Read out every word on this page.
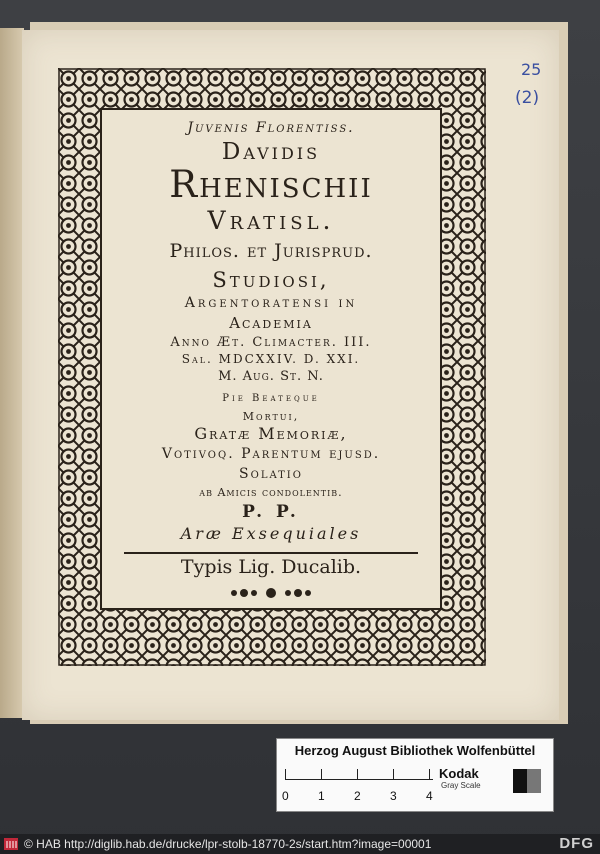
Juvenis Florentiss.
Davidis
Rhenischii
Vratisl.
Philos. et Jurisprud.
Studiosi,
Argentoratensi in
Academia
Anno Æt. Climacter. III.
Sal. MDCXXIV. D. XXI.
M. Aug. St. N.
Pie Beateque
Mortui,
Gratæ Memoriæ,
Votivoq. Parentum ejusd.
Solatio
ab Amicis condolentib.
P. P.
Aræ Exsequiales
Typis Lig. Ducalib.
25
(2)
Herzog August Bibliothek Wolfenbüttel
0 1 2 3 4
Kodak
Gray Scale
© HAB http://diglib.hab.de/drucke/lpr-stolb-18770-2s/start.htm?image=00001	DFG
